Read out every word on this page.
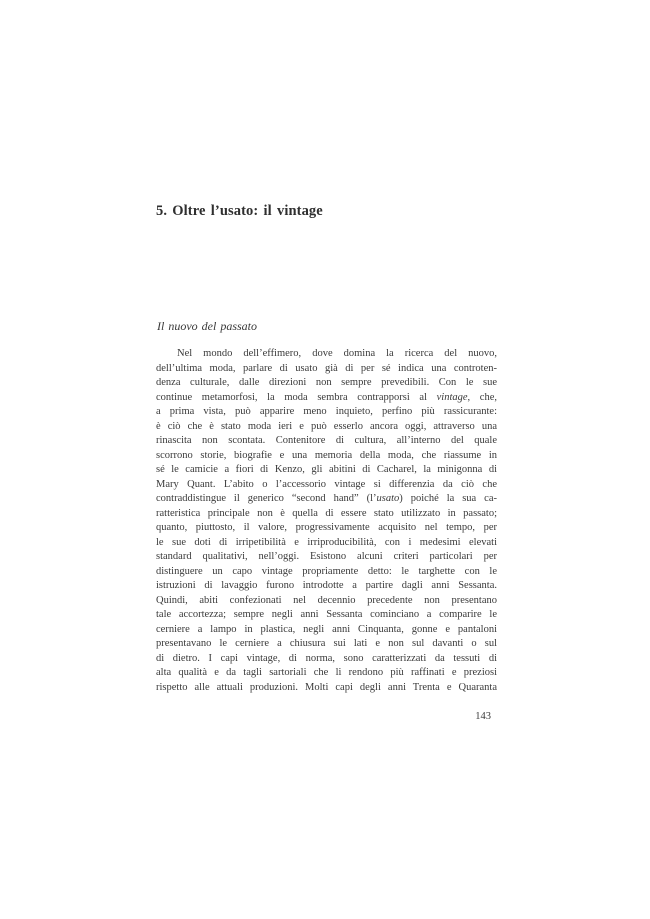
5. Oltre l’usato: il vintage
Il nuovo del passato
Nel mondo dell’effimero, dove domina la ricerca del nuovo,
dell’ultima moda, parlare di usato già di per sé indica una controten-
denza culturale, dalle direzioni non sempre prevedibili. Con le sue
continue metamorfosi, la moda sembra contrapporsi al vintage, che,
a prima vista, può apparire meno inquieto, perfino più rassicurante:
è ciò che è stato moda ieri e può esserlo ancora oggi, attraverso una
rinascita non scontata. Contenitore di cultura, all’interno del quale
scorrono storie, biografie e una memoria della moda, che riassume in
sé le camicie a fiori di Kenzo, gli abitini di Cacharel, la minigonna di
Mary Quant. L’abito o l’accessorio vintage si differenzia da ciò che
contraddistingue il generico “second hand” (l’usato) poiché la sua ca-
ratteristica principale non è quella di essere stato utilizzato in passato;
quanto, piuttosto, il valore, progressivamente acquisito nel tempo, per
le sue doti di irripetibilità e irriproducibilità, con i medesimi elevati
standard qualitativi, nell’oggi. Esistono alcuni criteri particolari per
distinguere un capo vintage propriamente detto: le targhette con le
istruzioni di lavaggio furono introdotte a partire dagli anni Sessanta.
Quindi, abiti confezionati nel decennio precedente non presentano
tale accortezza; sempre negli anni Sessanta cominciano a comparire le
cerniere a lampo in plastica, negli anni Cinquanta, gonne e pantaloni
presentavano le cerniere a chiusura sui lati e non sul davanti o sul
di dietro. I capi vintage, di norma, sono caratterizzati da tessuti di
alta qualità e da tagli sartoriali che li rendono più raffinati e preziosi
rispetto alle attuali produzioni. Molti capi degli anni Trenta e Quaranta
143
